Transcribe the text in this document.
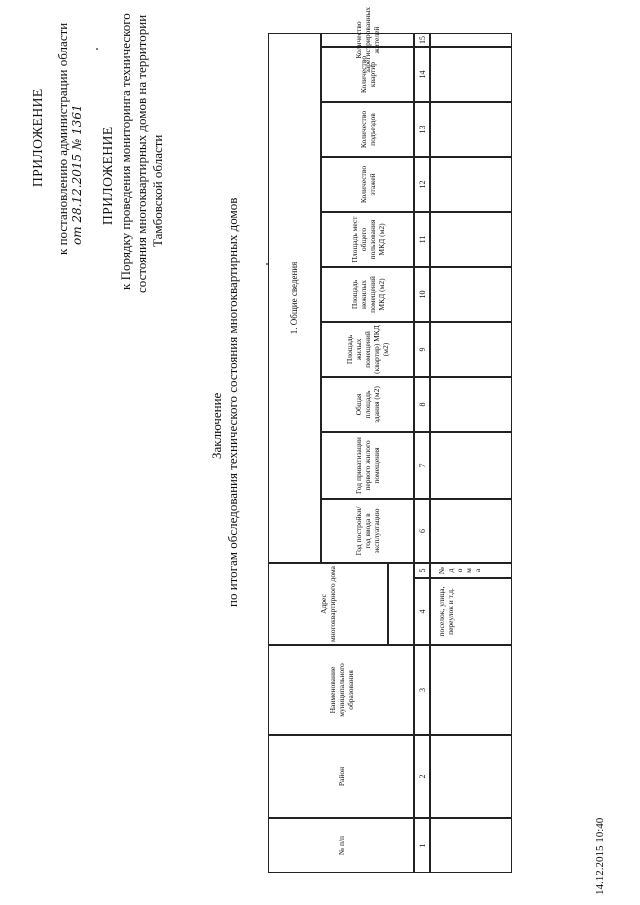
ПРИЛОЖЕНИЕ к постановлению администрации области от 28.12.2015 № 1361 ПРИЛОЖЕНИЕ к Порядку проведения мониторинга технического состояния многоквартирных домов на территории Тамбовской области
Заключение по итогам обследования технического состояния многоквартирных домов	1. Общие сведения
№ п/п
Район
Наименование муниципального образования
Адрес многоквартирного дома
Год постройки/год ввода в эксплуатацию
Год приватизации первого жилого помещения
Общая площадь здания (м2)
Площадь жилых помещений (квартир) МКД (м2)
Площадь нежилых помещений МКД (м2)
Площадь мест общего пользования МКД (м2)
Количество этажей
Количество подъездов
Количество квартир
Количество зарегистрированных жителей
1
2
3
4
5
6
7
8
9
10
11
12
13
14
15
поселок, улица, переулок и т.д.
№ д о м а
14.12.2015 10:40
